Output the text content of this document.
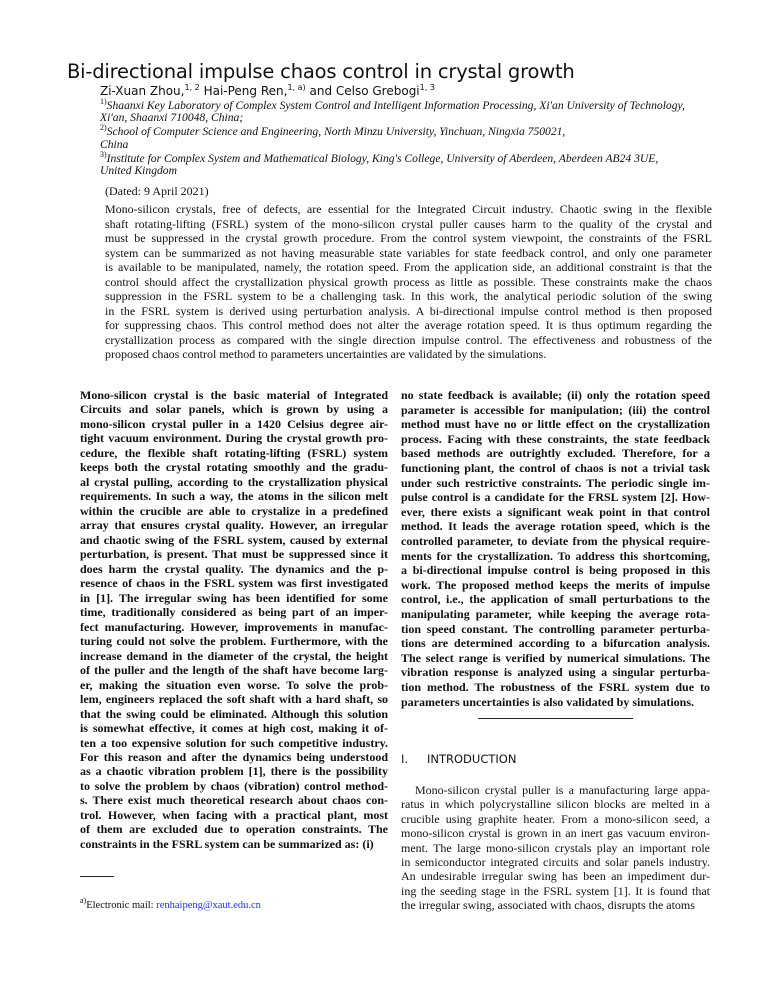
Bi-directional impulse chaos control in crystal growth
Zi-Xuan Zhou,$^{1, 2}$ Hai-Peng Ren,$^{1, a)}$ and Celso Grebogi$^{1, 3}$
$^{1)}$Shaanxi Key Laboratory of Complex System Control and Intelligent Information Processing, Xi'an University of Technology,
Xi'an, Shaanxi 710048, China;
$^{2)}$School of Computer Science and Engineering, North Minzu University, Yinchuan, Ningxia 750021,
China
$^{3)}$Institute for Complex System and Mathematical Biology, King's College, University of Aberdeen, Aberdeen AB24 3UE,
United Kingdom
(Dated: 9 April 2021)
Mono-silicon crystals, free of defects, are essential for the Integrated Circuit industry. Chaotic swing in the flexible
shaft rotating-lifting (FSRL) system of the mono-silicon crystal puller causes harm to the quality of the crystal and
must be suppressed in the crystal growth procedure. From the control system viewpoint, the constraints of the FSRL
system can be summarized as not having measurable state variables for state feedback control, and only one parameter
is available to be manipulated, namely, the rotation speed. From the application side, an additional constraint is that the
control should affect the crystallization physical growth process as little as possible. These constraints make the chaos
suppression in the FSRL system to be a challenging task. In this work, the analytical periodic solution of the swing
in the FSRL system is derived using perturbation analysis. A bi-directional impulse control method is then proposed
for suppressing chaos. This control method does not alter the average rotation speed. It is thus optimum regarding the
crystallization process as compared with the single direction impulse control. The effectiveness and robustness of the
proposed chaos control method to parameters uncertainties are validated by the simulations.
Mono-silicon crystal is the basic material of Integrated
Circuits and solar panels, which is grown by using a
mono-silicon crystal puller in a 1420 Celsius degree air-
tight vacuum environment. During the crystal growth pro-
cedure, the flexible shaft rotating-lifting (FSRL) system
keeps both the crystal rotating smoothly and the gradu-
al crystal pulling, according to the crystallization physical
requirements. In such a way, the atoms in the silicon melt
within the crucible are able to crystalize in a predefined
array that ensures crystal quality. However, an irregular
and chaotic swing of the FSRL system, caused by external
perturbation, is present. That must be suppressed since it
does harm the crystal quality. The dynamics and the p-
resence of chaos in the FSRL system was first investigated
in [1]. The irregular swing has been identified for some
time, traditionally considered as being part of an imper-
fect manufacturing. However, improvements in manufac-
turing could not solve the problem. Furthermore, with the
increase demand in the diameter of the crystal, the height
of the puller and the length of the shaft have become larg-
er, making the situation even worse. To solve the prob-
lem, engineers replaced the soft shaft with a hard shaft, so
that the swing could be eliminated. Although this solution
is somewhat effective, it comes at high cost, making it of-
ten a too expensive solution for such competitive industry.
For this reason and after the dynamics being understood
as a chaotic vibration problem [1], there is the possibility
to solve the problem by chaos (vibration) control method-
s. There exist much theoretical research about chaos con-
trol. However, when facing with a practical plant, most
of them are excluded due to operation constraints. The
constraints in the FSRL system can be summarized as: (i)
no state feedback is available; (ii) only the rotation speed
parameter is accessible for manipulation; (iii) the control
method must have no or little effect on the crystallization
process. Facing with these constraints, the state feedback
based methods are outrightly excluded. Therefore, for a
functioning plant, the control of chaos is not a trivial task
under such restrictive constraints. The periodic single im-
pulse control is a candidate for the FRSL system [2]. How-
ever, there exists a significant weak point in that control
method. It leads the average rotation speed, which is the
controlled parameter, to deviate from the physical require-
ments for the crystallization. To address this shortcoming,
a bi-directional impulse control is being proposed in this
work. The proposed method keeps the merits of impulse
control, i.e., the application of small perturbations to the
manipulating parameter, while keeping the average rota-
tion speed constant. The controlling parameter perturba-
tions are determined according to a bifurcation analysis.
The select range is verified by numerical simulations. The
vibration response is analyzed using a singular perturba-
tion method. The robustness of the FSRL system due to
parameters uncertainties is also validated by simulations.
I. INTRODUCTION
Mono-silicon crystal puller is a manufacturing large appa-
ratus in which polycrystalline silicon blocks are melted in a
crucible using graphite heater. From a mono-silicon seed, a
mono-silicon crystal is grown in an inert gas vacuum environ-
ment. The large mono-silicon crystals play an important role
in semiconductor integrated circuits and solar panels industry.
An undesirable irregular swing has been an impediment dur-
ing the seeding stage in the FSRL system [1]. It is found that
the irregular swing, associated with chaos, disrupts the atoms
$^{a)}$Electronic mail: renhaipeng@xaut.edu.cn
